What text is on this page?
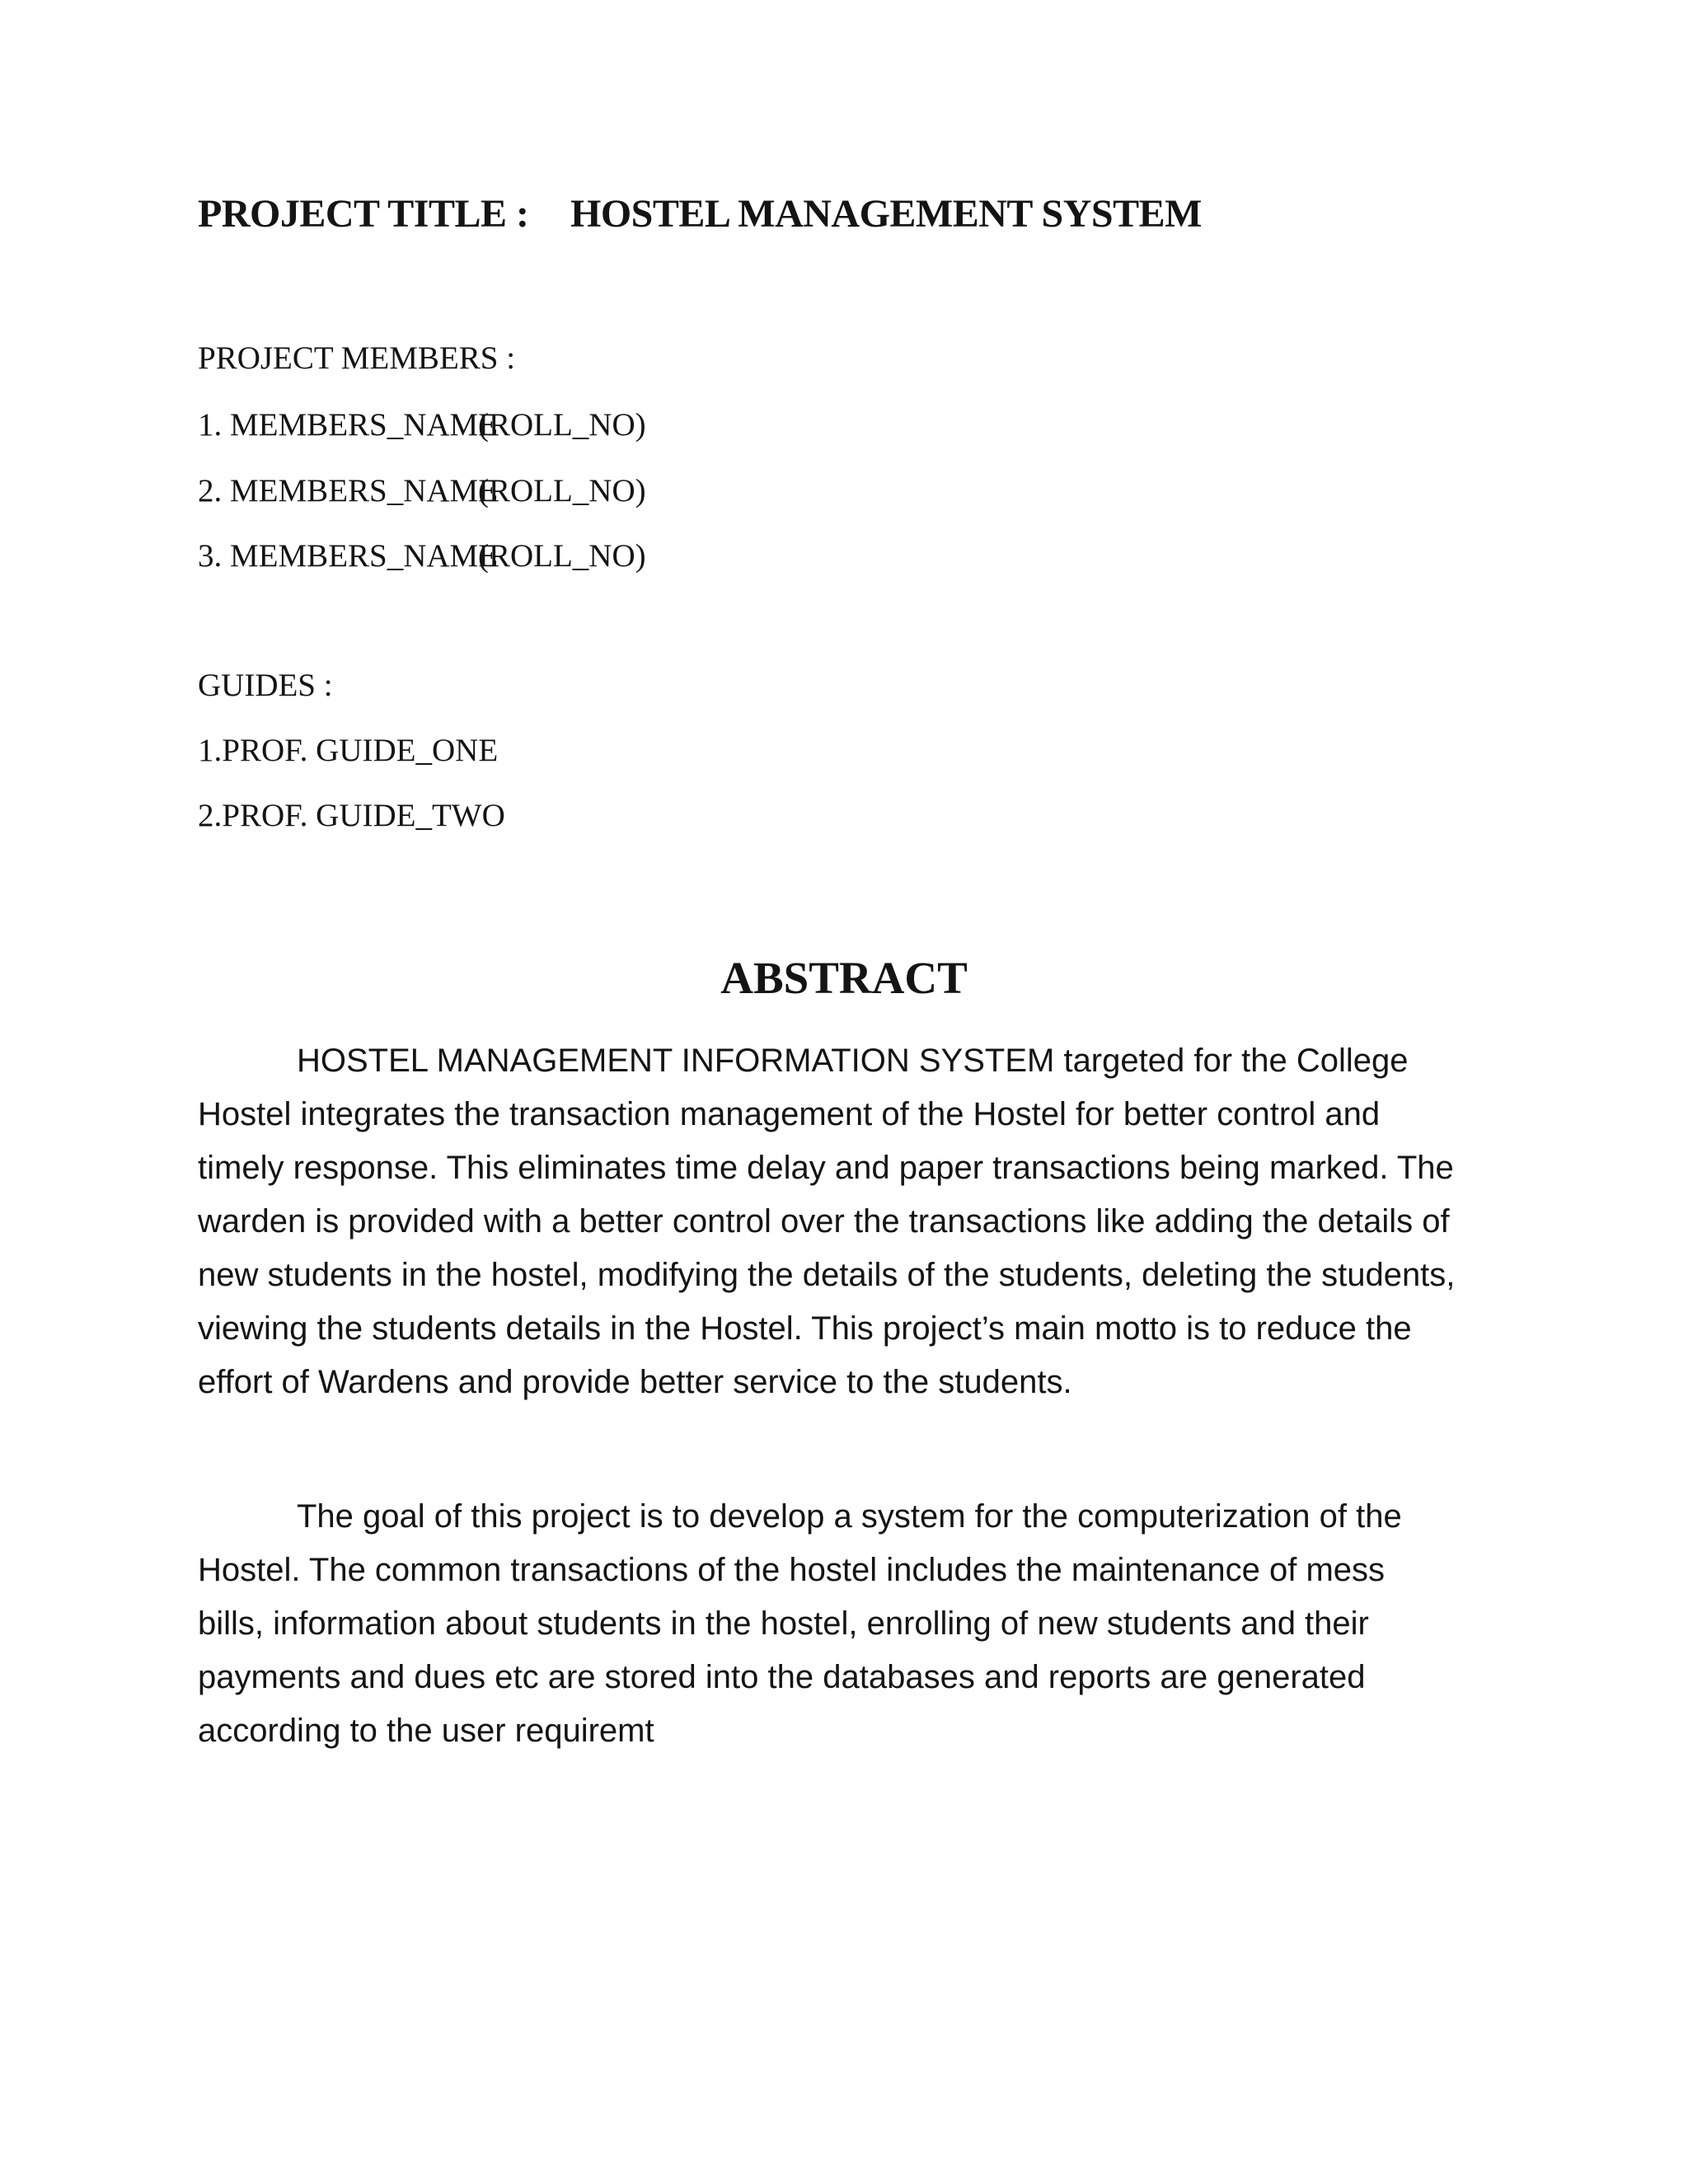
PROJECT TITLE : HOSTEL MANAGEMENT SYSTEM
PROJECT MEMBERS :
1. MEMBERS_NAME(ROLL_NO)
2. MEMBERS_NAME(ROLL_NO)
3. MEMBERS_NAME(ROLL_NO)
GUIDES :
1.PROF. GUIDE_ONE
2.PROF. GUIDE_TWO
ABSTRACT

HOSTEL MANAGEMENT INFORMATION SYSTEM targeted for the College Hostel integrates the transaction management of the Hostel for better control and timely response. This eliminates time delay and paper transactions being marked. The warden is provided with a better control over the transactions like adding the details of new students in the hostel, modifying the details of the students, deleting the students, viewing the students details in the Hostel. This project’s main motto is to reduce the effort of Wardens and provide better service to the students.

The goal of this project is to develop a system for the computerization of the Hostel. The common transactions of the hostel includes the maintenance of mess bills, information about students in the hostel, enrolling of new students and their payments and dues etc are stored into the databases and reports are generated according to the user requiremt
